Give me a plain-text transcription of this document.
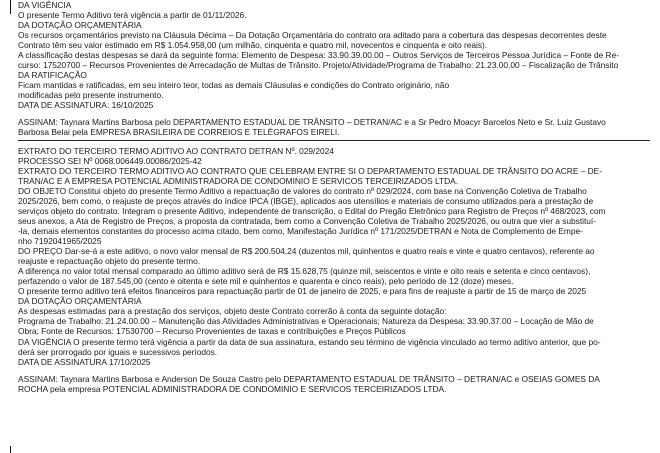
DA VIGÊNCIA
O presente Termo Aditivo terá vigência a partir de 01/11/2026.
DA DOTAÇÃO ORÇAMENTÁRIA
Os recursos orçamentários previsto na Cláusula Décima – Da Dotação Orçamentária do contrato ora aditado para a cobertura das despesas decorrentes deste
Contrato têm seu valor estimado em R$ 1.054.958,00 (um milhão, cinquenta e quatro mil, novecentos e cinquenta e oito reais).
A classificação destas despesas se dará da seguinte forma: Elemento de Despesa: 33.90.39.00.00 – Outros Serviços de Terceiros Pessoa Jurídica – Fonte de Re-
curso: 17520700 – Recursos Provenientes de Arrecadação de Multas de Trânsito. Projeto/Atividade/Programa de Trabalho: 21.23.00.00 – Fiscalização de Trânsito
DA RATIFICAÇÃO
Ficam mantidas e ratificadas, em seu inteiro teor, todas as demais Cláusulas e condições do Contrato originário, não
modificadas pelo presente instrumento.
DATA DE ASSINATURA: 16/10/2025
ASSINAM: Taynara Martins Barbosa pelo DEPARTAMENTO ESTADUAL DE TRÂNSITO – DETRAN/AC e a Sr Pedro Moacyr Barcelos Neto e Sr. Luiz Gustavo
Barbosa Belai pela EMPRESA BRASILEIRA DE CORREIOS E TELÉGRAFOS EIRELI.
EXTRATO DO TERCEIRO TERMO ADITIVO AO CONTRATO DETRAN Nº. 029/2024
PROCESSO SEI Nº 0068.006449.00086/2025-42
EXTRATO DO TERCEIRO TERMO ADITIVO AO CONTRATO QUE CELEBRAM ENTRE SI O DEPARTAMENTO ESTADUAL DE TRÂNSITO DO ACRE – DE-
TRAN/AC E A EMPRESA POTENCIAL ADMINISTRADORA DE CONDOMINIO E SERVICOS TERCEIRIZADOS LTDA.
DO OBJETO Constitui objeto do presente Termo Aditivo a repactuação de valores do contrato nº 029/2024, com base na Convenção Coletiva de Trabalho
2025/2026, bem como, o reajuste de preços através do índice IPCA (IBGE), aplicados aos utensílios e materiais de consumo utilizados para a prestação de
serviços objeto do contrato. Integram o presente Aditivo, independente de transcrição, o Edital do Pregão Eletrônico para Registro de Preços nº 468/2023, com
seus anexos, a Ata de Registro de Preços, a proposta da contratada, bem como a Convenção Coletiva de Trabalho 2025/2026, ou outra que vier a substituí-
-la, demais elementos constantes do processo acima citado, bem como, Manifestação Jurídica nº 171/2025/DETRAN e Nota de Complemento de Empe-
nho 7192041965/2025
DO PREÇO Dar-se-á a este aditivo, o novo valor mensal de R$ 200.504,24 (duzentos mil, quinhentos e quatro reais e vinte e quatro centavos), referente ao
reajuste e repactuação objeto do presente termo.
A diferença no valor total mensal comparado ao último aditivo será de R$ 15.628,75 (quinze mil, seiscentos e vinte e oito reais e setenta e cinco centavos),
perfazendo o valor de 187.545,00 (cento e oitenta e sete mil e quinhentos e quarenta e cinco reais), pelo período de 12 (doze) meses.
O presente termo aditivo terá efeitos financeiros para repactuação partir de 01 de janeiro de 2025, e para fins de reajuste a partir de 15 de março de 2025
DA DOTAÇÃO ORÇAMENTÁRIA
As despesas estimadas para a prestação dos serviços, objeto deste Contrato correrão à conta da seguinte dotação:
Programa de Trabalho: 21.24.00.00 – Manutenção das Atividades Administrativas e Operacionais; Natureza da Despesa: 33.90.37.00 – Locação de Mão de
Obra; Fonte de Recursos: 17530700 – Recurso Provenientes de taxas e contribuições e Preços Públicos
DA VIGÊNCIA O presente termo terá vigência a partir da data de sua assinatura, estando seu término de vigência vinculado ao termo aditivo anterior, que po-
derá ser prorrogado por iguais e sucessivos períodos.
DATA DE ASSINATURA 17/10/2025
ASSINAM: Taynara Martins Barbosa e Anderson De Souza Castro pelo DEPARTAMENTO ESTADUAL DE TRÂNSITO – DETRAN/AC e OSEIAS GOMES DA
ROCHA pela empresa POTENCIAL ADMINISTRADORA DE CONDOMINIO E SERVICOS TERCEIRIZADOS LTDA.
